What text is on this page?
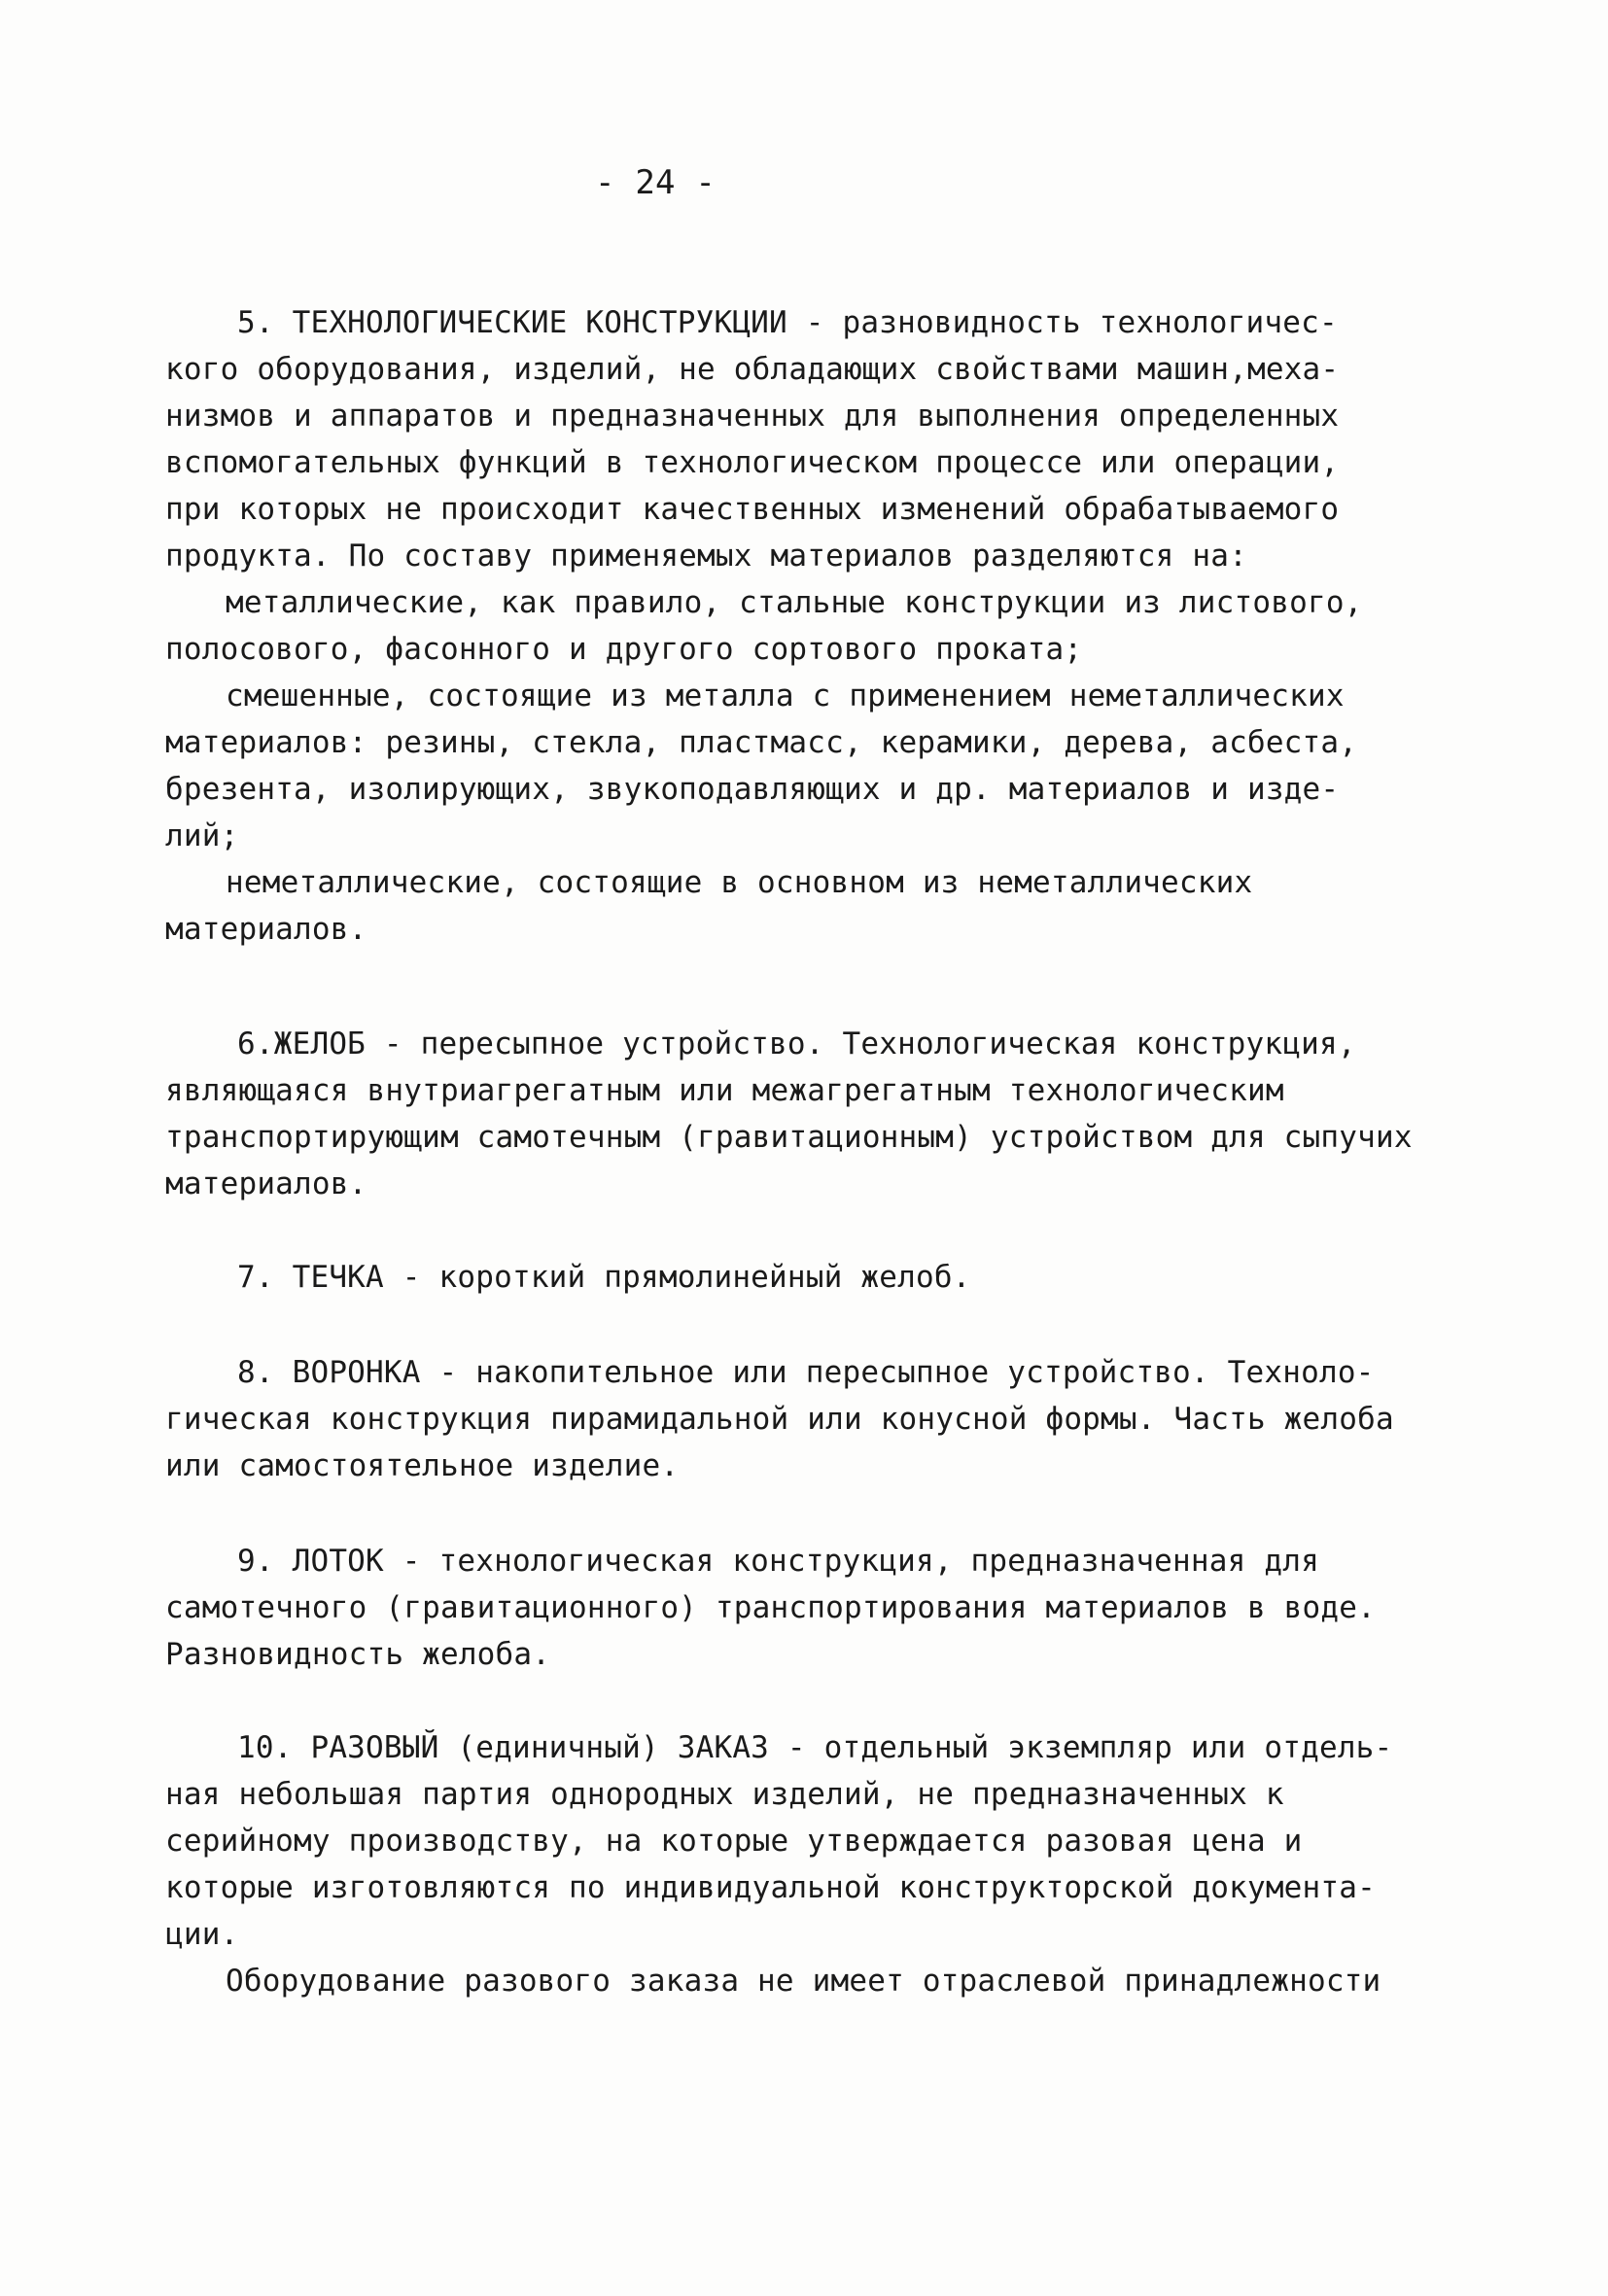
- 24 -
5. ТЕХНОЛОГИЧЕСКИЕ КОНСТРУКЦИИ - разновидность технологичес-
кого оборудования, изделий, не обладающих свойствами машин,меха-
низмов и аппаратов и предназначенных для выполнения определенных
вспомогательных функций в технологическом процессе или операции,
при которых не происходит качественных изменений обрабатываемого
продукта. По составу применяемых материалов разделяются на:
металлические, как правило, стальные конструкции из листового,
полосового, фасонного и другого сортового проката;
смешенные, состоящие из металла с применением неметаллических
материалов: резины, стекла, пластмасс, керамики, дерева, асбеста,
брезента, изолирующих, звукоподавляющих и др. материалов и изде-
лий;
неметаллические, состоящие в основном из неметаллических
материалов.
6.ЖЕЛОБ - пересыпное устройство. Технологическая конструкция,
являющаяся внутриагрегатным или межагрегатным технологическим
транспортирующим самотечным (гравитационным) устройством для сыпучих
материалов.
7. ТЕЧКА - короткий прямолинейный желоб.
8. ВОРОНКА - накопительное или пересыпное устройство. Техноло-
гическая конструкция пирамидальной или конусной формы. Часть желоба
или самостоятельное изделие.
9. ЛОТОК - технологическая конструкция, предназначенная для
самотечного (гравитационного) транспортирования материалов в воде.
Разновидность желоба.
10. РАЗОВЫЙ (единичный) ЗАКАЗ - отдельный экземпляр или отдель-
ная небольшая партия однородных изделий, не предназначенных к
серийному производству, на которые утверждается разовая цена и
которые изготовляются по индивидуальной конструкторской документа-
ции.
Оборудование разового заказа не имеет отраслевой принадлежности
